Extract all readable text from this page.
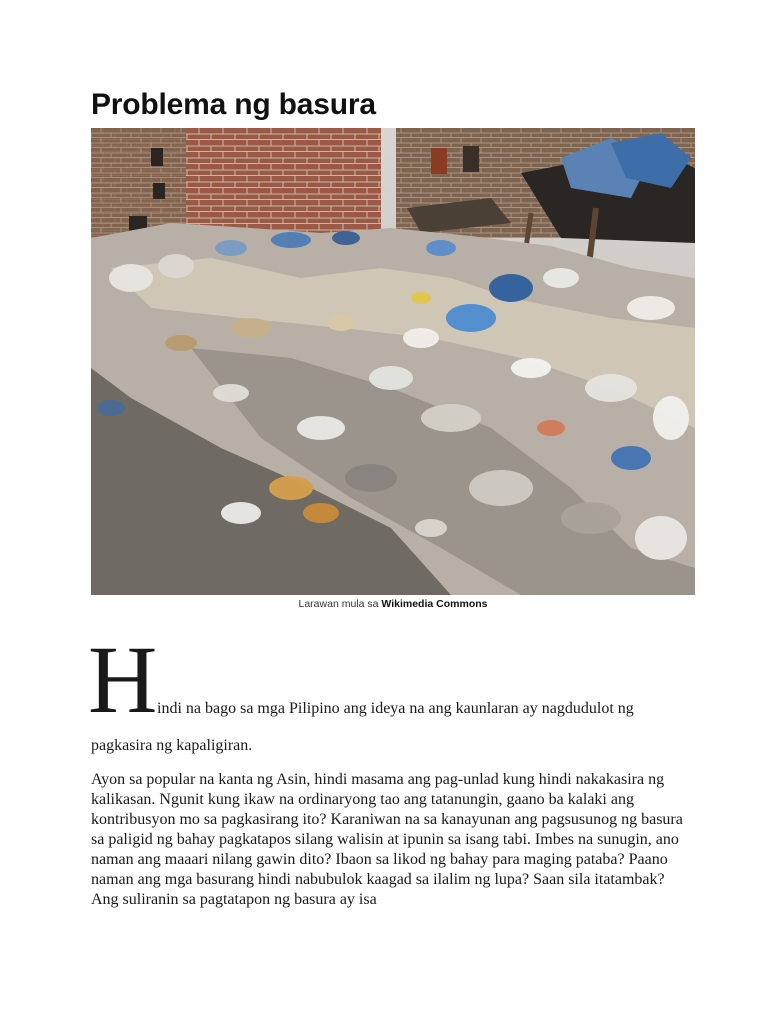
Problema ng basura
Larawan mula sa Wikimedia Commons
H indi na bago sa mga Pilipino ang ideya na ang kaunlaran ay nagdudulot ng
pagkasira ng kapaligiran.

Ayon sa popular na kanta ng Asin, hindi masama ang pag-unlad kung hindi nakakasira ng kalikasan. Ngunit kung ikaw na ordinaryong tao ang tatanungin, gaano ba kalaki ang kontribusyon mo sa pagkasirang ito? Karaniwan na sa kanayunan ang pagsusunog ng basura sa paligid ng bahay pagkatapos silang walisin at ipunin sa isang tabi. Imbes na sunugin, ano naman ang maaari nilang gawin dito? Ibaon sa likod ng bahay para maging pataba? Paano naman ang mga basurang hindi nabubulok kaagad sa ilalim ng lupa? Saan sila itatambak? Ang suliranin sa pagtatapon ng basura ay isa
